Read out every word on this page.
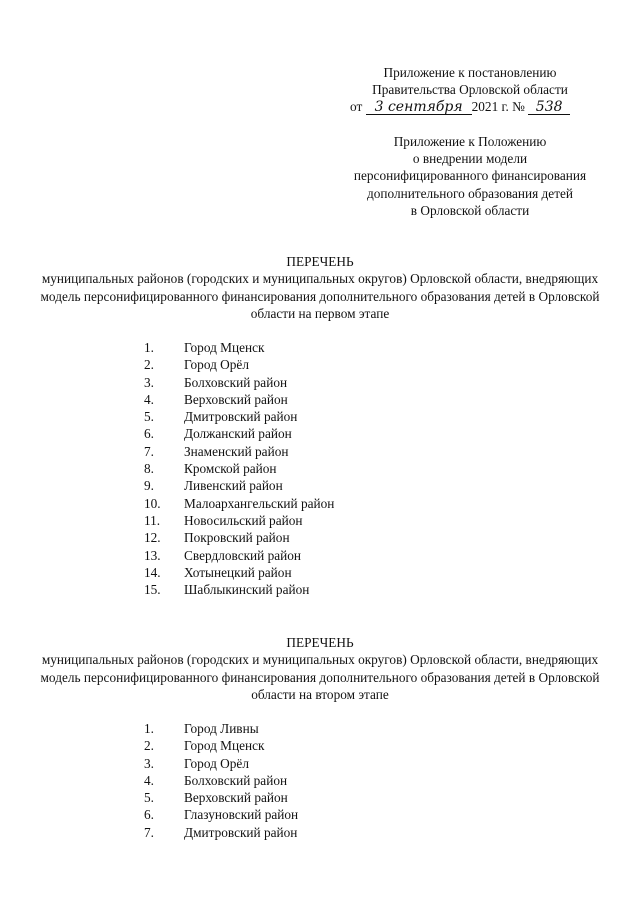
Приложение к постановлению
Правительства Орловской области
от 3 сентября 2021 г. № 538
Приложение к Положению
о внедрении модели
персонифицированного финансирования
дополнительного образования детей
в Орловской области
ПЕРЕЧЕНЬ
муниципальных районов (городских и муниципальных округов) Орловской области, внедряющих модель персонифицированного финансирования дополнительного образования детей в Орловской области на первом этапе
1.	Город Мценск
2.	Город Орёл
3.	Болховский район
4.	Верховский район
5.	Дмитровский район
6.	Должанский район
7.	Знаменский район
8.	Кромской район
9.	Ливенский район
10.	Малоархангельский район
11.	Новосильский район
12.	Покровский район
13.	Свердловский район
14.	Хотынецкий район
15.	Шаблыкинский район
ПЕРЕЧЕНЬ
муниципальных районов (городских и муниципальных округов) Орловской области, внедряющих модель персонифицированного финансирования дополнительного образования детей в Орловской области на втором этапе
1.	Город Ливны
2.	Город Мценск
3.	Город Орёл
4.	Болховский район
5.	Верховский район
6.	Глазуновский район
7.	Дмитровский район
